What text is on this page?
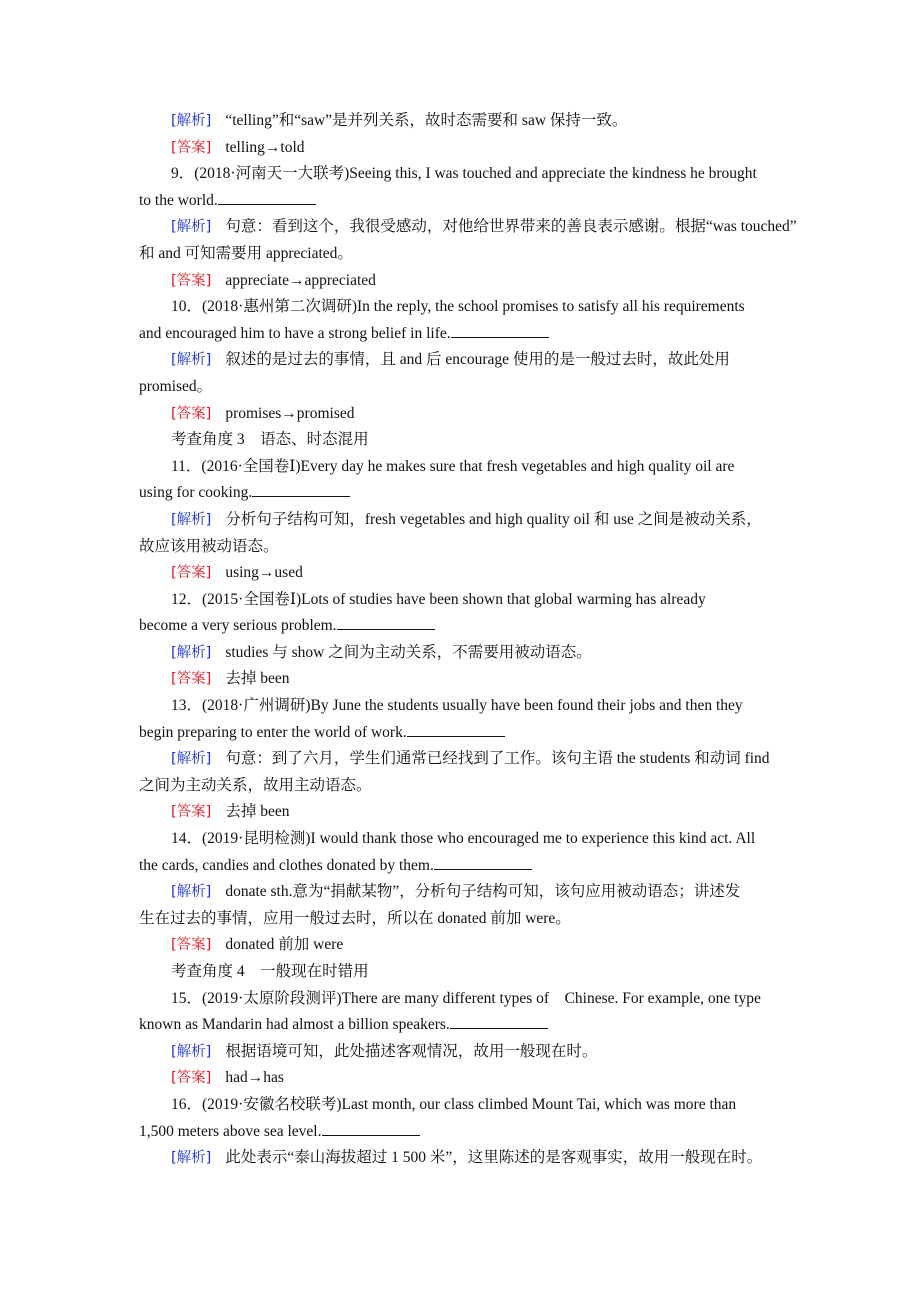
[解析] “telling”和“saw”是并列关系，故时态需要和 saw 保持一致。
[答案] telling→told
9．(2018·河南天一大联考)Seeing this, I was touched and appreciate the kindness he brought
to the world.
[解析] 句意：看到这个，我很受感动，对他给世界带来的善良表示感谢。根据“was touched”
和 and 可知需要用 appreciated。
[答案] appreciate→appreciated
10．(2018·惠州第二次调研)In the reply, the school promises to satisfy all his requirements
and encouraged him to have a strong belief in life.
[解析] 叙述的是过去的事情，且 and 后 encourage 使用的是一般过去时，故此处用
promised。
[答案] promises→promised
考查角度 3　语态、时态混用
11．(2016·全国卷Ⅰ)Every day he makes sure that fresh vegetables and high quality oil are
using for cooking.
[解析] 分析句子结构可知，fresh vegetables and high quality oil 和 use 之间是被动关系，
故应该用被动语态。
[答案] using→used
12．(2015·全国卷Ⅰ)Lots of studies have been shown that global warming has already
become a very serious problem.
[解析] studies 与 show 之间为主动关系，不需要用被动语态。
[答案] 去掉 been
13．(2018·广州调研)By June the students usually have been found their jobs and then they
begin preparing to enter the world of work.
[解析] 句意：到了六月，学生们通常已经找到了工作。该句主语 the students 和动词 find
之间为主动关系，故用主动语态。
[答案] 去掉 been
14．(2019·昆明检测)I would thank those who encouraged me to experience this kind act. All
the cards, candies and clothes donated by them.
[解析] donate sth.意为“捐献某物”，分析句子结构可知，该句应用被动语态；讲述发
生在过去的事情，应用一般过去时，所以在 donated 前加 were。
[答案] donated 前加 were
考查角度 4　一般现在时错用
15．(2019·太原阶段测评)There are many different types of　Chinese. For example, one type
known as Mandarin had almost a billion speakers.
[解析] 根据语境可知，此处描述客观情况，故用一般现在时。
[答案] had→has
16．(2019·安徽名校联考)Last month, our class climbed Mount Tai, which was more than
1,500 meters above sea level.
[解析] 此处表示“泰山海拔超过 1 500 米”，这里陈述的是客观事实，故用一般现在时。
